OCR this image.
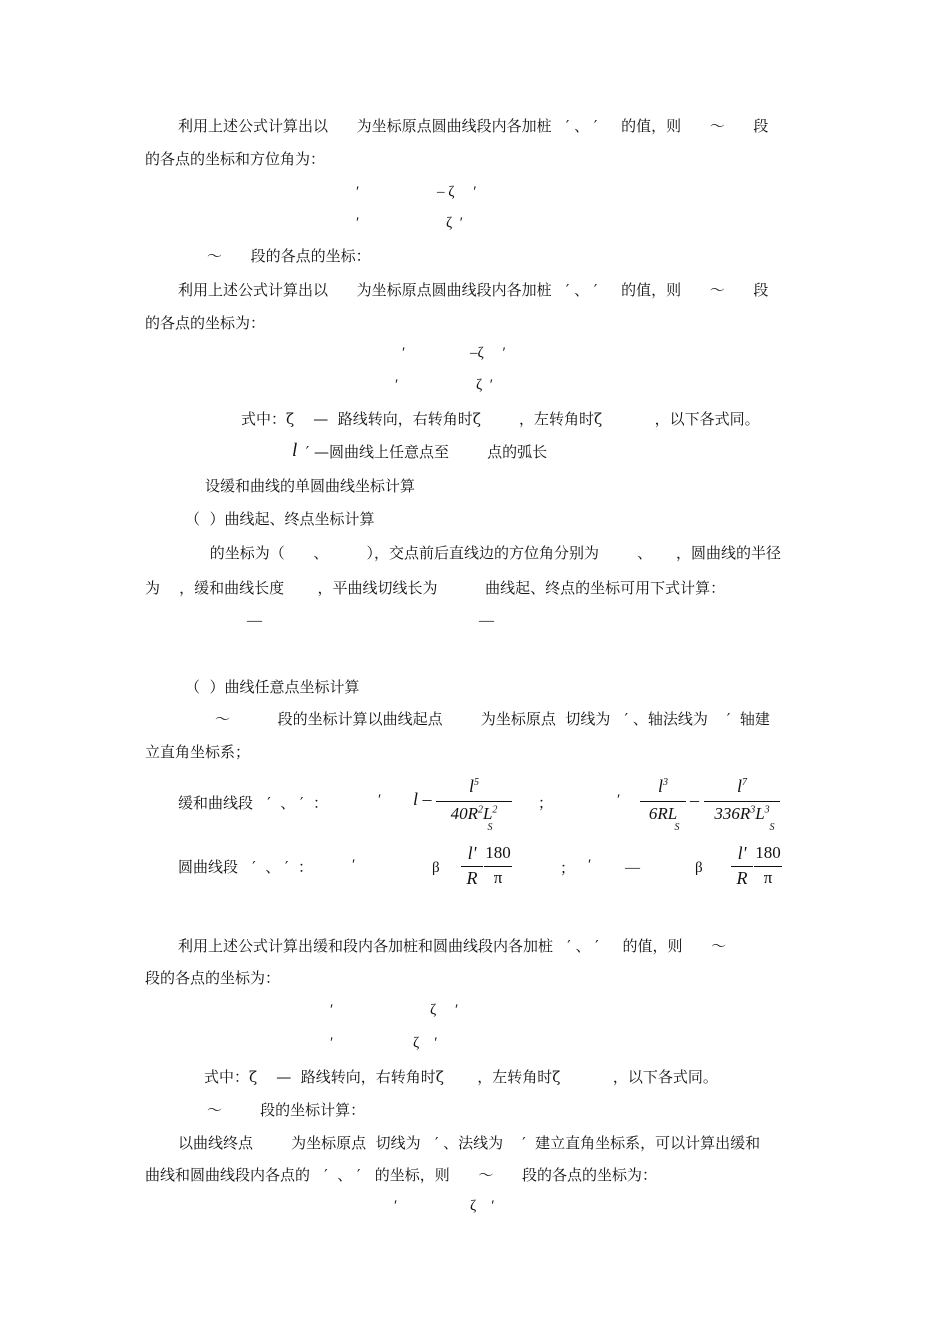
利用上述公式计算出以      为坐标原点圆曲线段内各加桩   ′ 、 ′     的值，则      ～      段
的各点的坐标和方位角为：
′	– ζ     ′
′	ζ  ′
～      段的各点的坐标：
利用上述公式计算出以      为坐标原点圆曲线段内各加桩   ′ 、 ′     的值，则      ～      段
的各点的坐标为：
′	–ζ     ′
′	ζ  ′
式中：ζ    —  路线转向，右转角时ζ        ，左转角时ζ           ，以下各式同。
l ′ —圆曲线上任意点至        点的弧长
设缓和曲线的单圆曲线坐标计算
（  ）曲线起、终点坐标计算
的坐标为（      、        ），交点前后直线边的方位角分别为        、     ，圆曲线的半径
为    ，缓和曲线长度       ，平曲线切线长为          曲线起、终点的坐标可用下式计算：
—	—
（  ）曲线任意点坐标计算
～          段的坐标计算以曲线起点        为坐标原点  切线为   ′ 、轴法线为    ′  轴建
立直角坐标系；
缓和曲线段   ′  、 ′  ：	′ l –
$l^5$
$40R^2L^2$
S
；	′
$l^3$
6RL
S
–
$l^7$
$336R^3L^3$
S
圆曲线段   ′  、 ′  ：	′	β
l'
R
180
π	； ′ —	β
l'
R
180
π
利用上述公式计算出缓和段内各加桩和圆曲线段内各加桩   ′ 、 ′     的值，则      ～
段的各点的坐标为：
′	ζ     ′
′	ζ    ′
式中：ζ    —  路线转向，右转角时ζ       ，左转角时ζ           ，以下各式同。
～        段的坐标计算：
以曲线终点        为坐标原点  切线为   ′ 、法线为    ′  建立直角坐标系，可以计算出缓和
曲线和圆曲线段内各点的   ′  、 ′   的坐标，则      ～      段的各点的坐标为：
′	ζ    ′
